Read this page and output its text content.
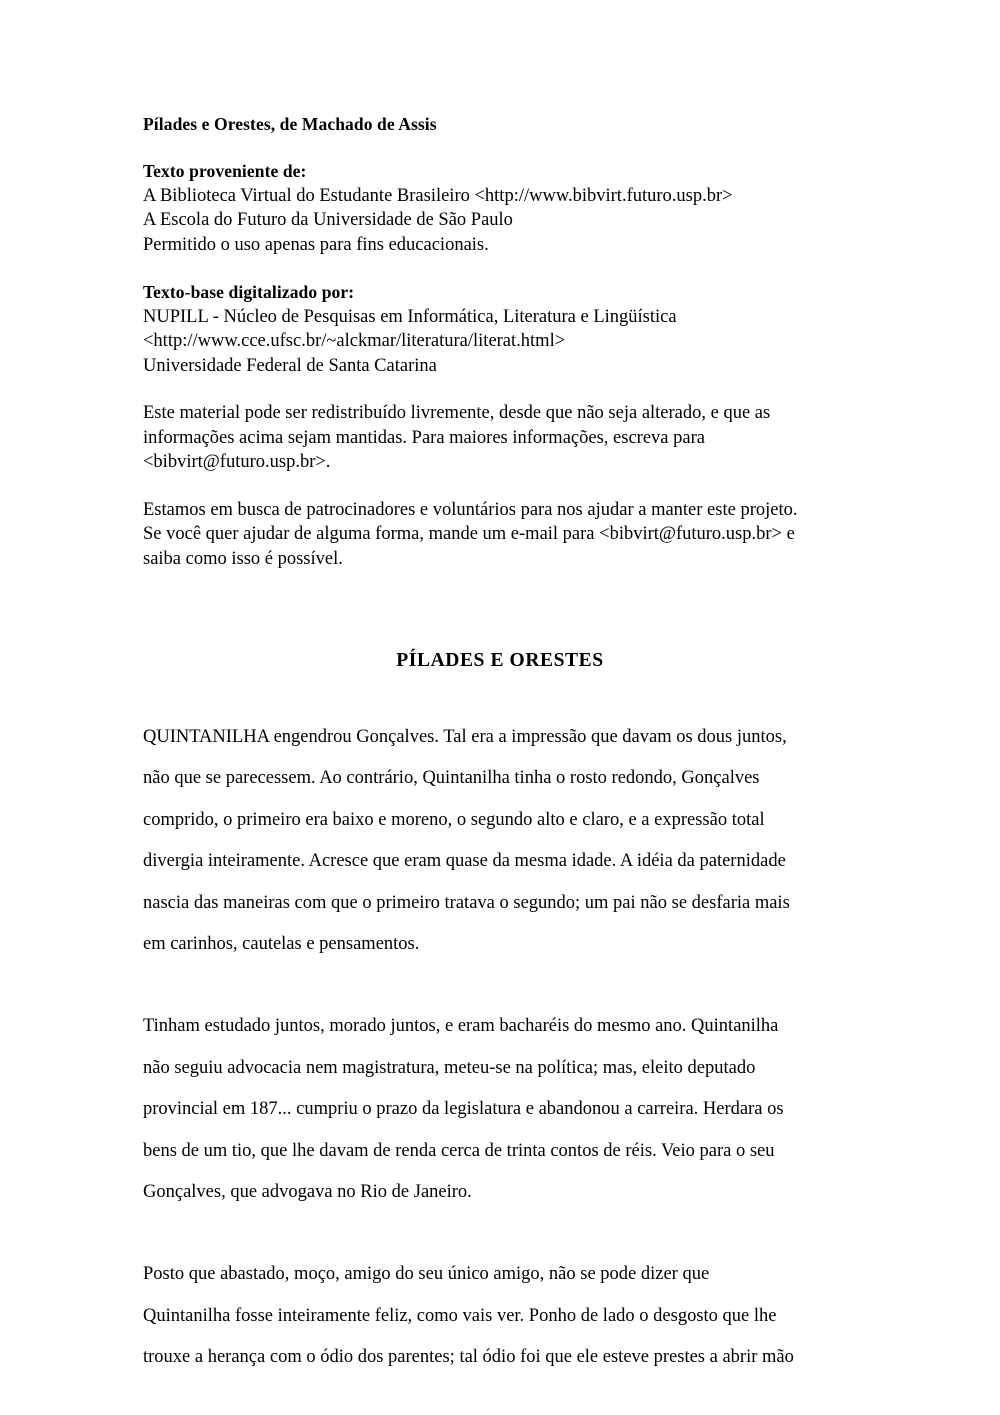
Pílades e Orestes, de Machado de Assis

Texto proveniente de:

A Biblioteca Virtual do Estudante Brasileiro <http://www.bibvirt.futuro.usp.br>

A Escola do Futuro da Universidade de São Paulo

Permitido o uso apenas para fins educacionais.

Texto-base digitalizado por:

NUPILL - Núcleo de Pesquisas em Informática, Literatura e Lingüística

<http://www.cce.ufsc.br/~alckmar/literatura/literat.html>

Universidade Federal de Santa Catarina

Este material pode ser redistribuído livremente, desde que não seja alterado, e que as
informações acima sejam mantidas. Para maiores informações, escreva para
<bibvirt@futuro.usp.br>.

Estamos em busca de patrocinadores e voluntários para nos ajudar a manter este projeto.
Se você quer ajudar de alguma forma, mande um e-mail para <bibvirt@futuro.usp.br> e
saiba como isso é possível.

PÍLADES E ORESTES

QUINTANILHA engendrou Gonçalves. Tal era a impressão que davam os dous juntos,
não que se parecessem. Ao contrário, Quintanilha tinha o rosto redondo, Gonçalves
comprido, o primeiro era baixo e moreno, o segundo alto e claro, e a expressão total
divergia inteiramente. Acresce que eram quase da mesma idade. A idéia da paternidade
nascia das maneiras com que o primeiro tratava o segundo; um pai não se desfaria mais
em carinhos, cautelas e pensamentos.

Tinham estudado juntos, morado juntos, e eram bacharéis do mesmo ano. Quintanilha
não seguiu advocacia nem magistratura, meteu-se na política; mas, eleito deputado
provincial em 187... cumpriu o prazo da legislatura e abandonou a carreira. Herdara os
bens de um tio, que lhe davam de renda cerca de trinta contos de réis. Veio para o seu
Gonçalves, que advogava no Rio de Janeiro.

Posto que abastado, moço, amigo do seu único amigo, não se pode dizer que
Quintanilha fosse inteiramente feliz, como vais ver. Ponho de lado o desgosto que lhe
trouxe a herança com o ódio dos parentes; tal ódio foi que ele esteve prestes a abrir mão
